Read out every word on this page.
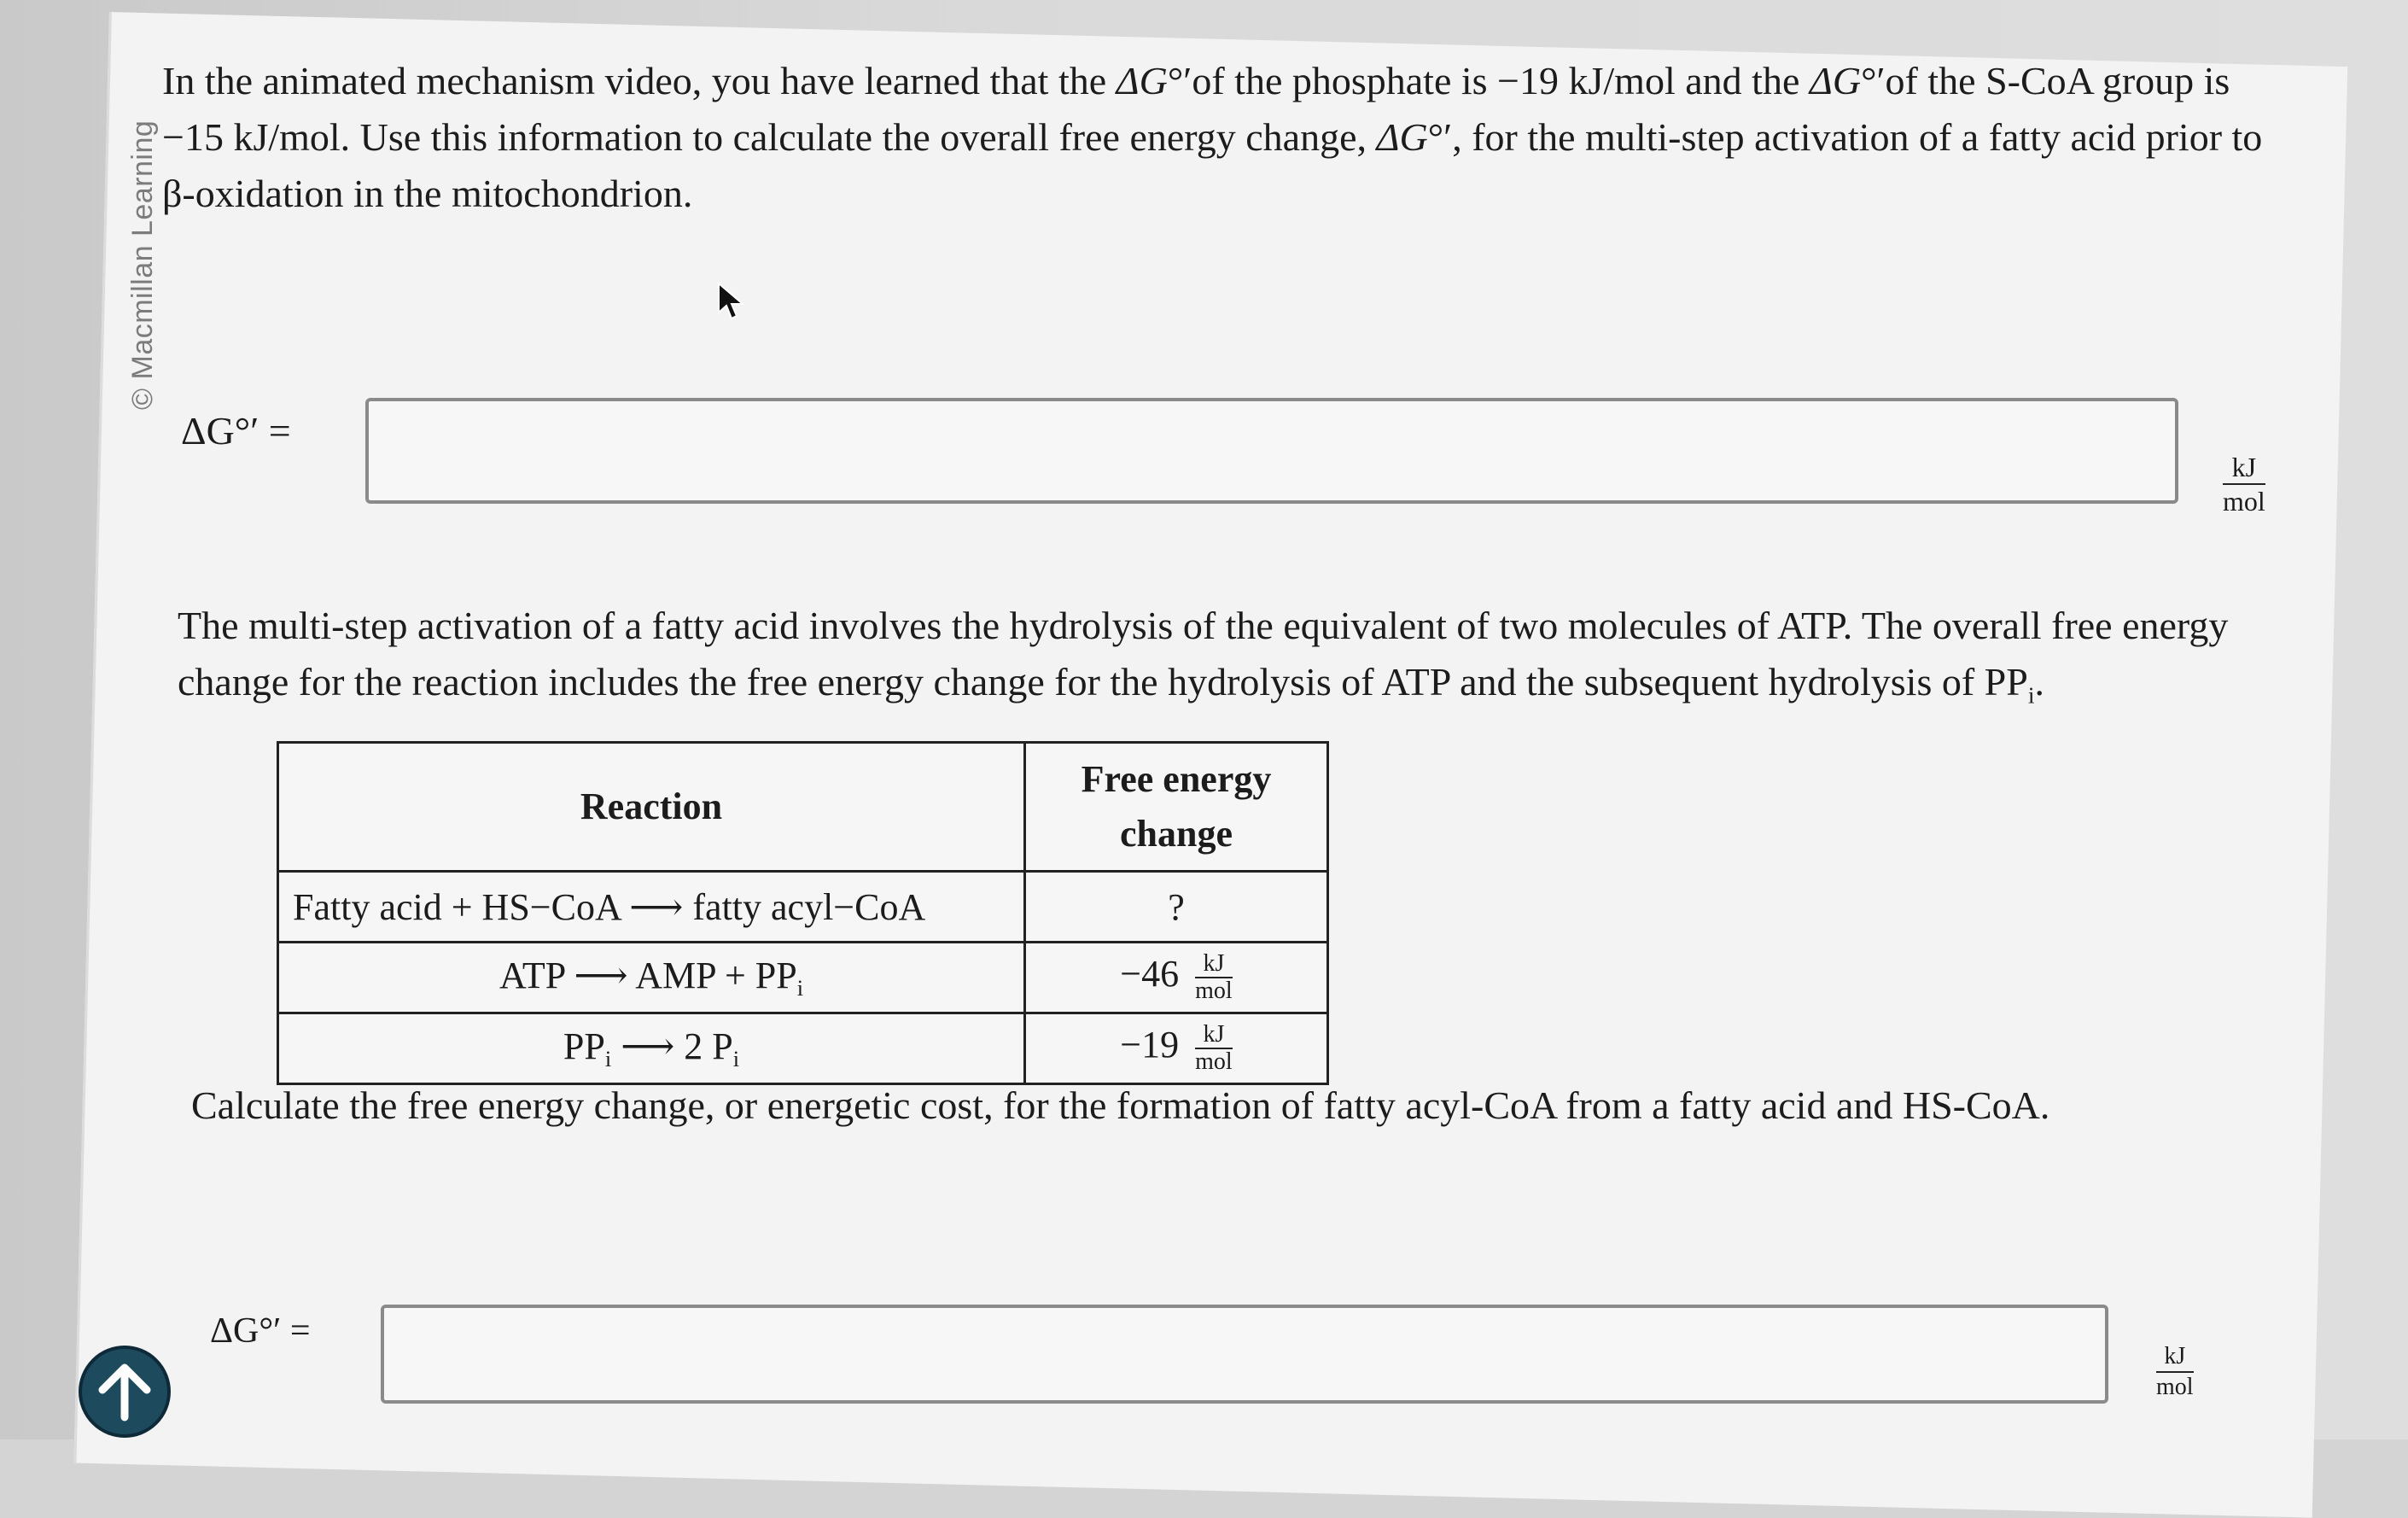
© Macmillan Learning

In the animated mechanism video, you have learned that the ΔG°′of the phosphate is −19 kJ/mol and the ΔG°′of the S-CoA group is −15 kJ/mol. Use this information to calculate the overall free energy change, ΔG°′, for the multi-step activation of a fatty acid prior to β-oxidation in the mitochondrion.

ΔG°′ =
kJ
mol

The multi-step activation of a fatty acid involves the hydrolysis of the equivalent of two molecules of ATP. The overall free energy change for the reaction includes the free energy change for the hydrolysis of ATP and the subsequent hydrolysis of $PP_i$.

Reaction	Free energy change
Fatty acid + HS−CoA ⟶ fatty acyl−CoA	?
ATP ⟶ AMP + $PP_i$	$-46 \frac{kJ}{\text{mol}}$

$PP_i$ ⟶ 2 $P_i$	$-19 \frac{kJ}{\text{mol}}$

Calculate the free energy change, or energetic cost, for the formation of fatty acyl-CoA from a fatty acid and HS-CoA.

ΔG°′ =
kJ
mol
